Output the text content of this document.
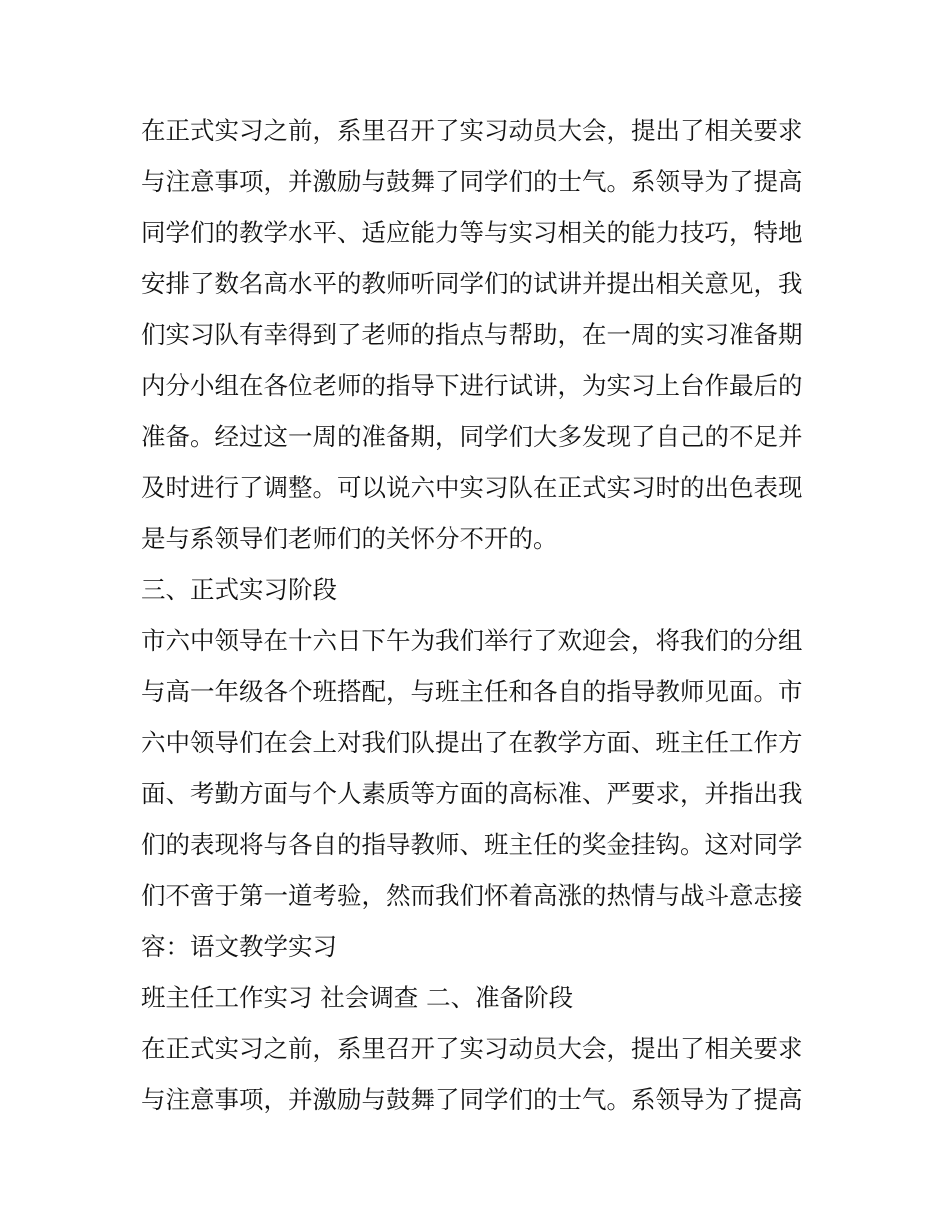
在正式实习之前，系里召开了实习动员大会，提出了相关要求
与注意事项，并激励与鼓舞了同学们的士气。系领导为了提高
同学们的教学水平、适应能力等与实习相关的能力技巧，特地
安排了数名高水平的教师听同学们的试讲并提出相关意见，我
们实习队有幸得到了老师的指点与帮助，在一周的实习准备期
内分小组在各位老师的指导下进行试讲，为实习上台作最后的
准备。经过这一周的准备期，同学们大多发现了自己的不足并
及时进行了调整。可以说六中实习队在正式实习时的出色表现
是与系领导们老师们的关怀分不开的。
三、正式实习阶段
市六中领导在十六日下午为我们举行了欢迎会，将我们的分组
与高一年级各个班搭配，与班主任和各自的指导教师见面。市
六中领导们在会上对我们队提出了在教学方面、班主任工作方
面、考勤方面与个人素质等方面的高标准、严要求，并指出我
们的表现将与各自的指导教师、班主任的奖金挂钩。这对同学
们不啻于第一道考验，然而我们怀着高涨的热情与战斗意志接
容：语文教学实习
班主任工作实习 社会调查 二、准备阶段
在正式实习之前，系里召开了实习动员大会，提出了相关要求
与注意事项，并激励与鼓舞了同学们的士气。系领导为了提高
